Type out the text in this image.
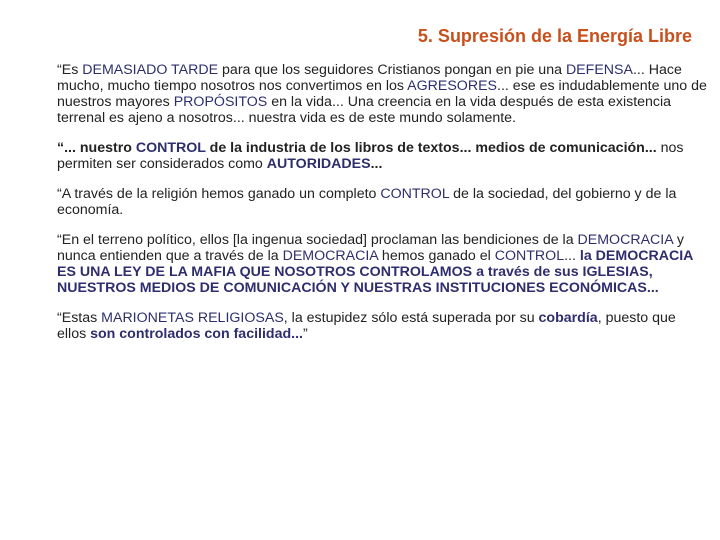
5. Supresión de la Energía Libre

“Es DEMASIADO TARDE para que los seguidores Cristianos pongan en pie una DEFENSA... Hace mucho, mucho tiempo nosotros nos convertimos en los AGRESORES... ese es indudablemente uno de nuestros mayores PROPÓSITOS en la vida... Una creencia en la vida después de esta existencia terrenal es ajeno a nosotros... nuestra vida es de este mundo solamente.

“... nuestro CONTROL de la industria de los libros de textos... medios de comunicación... nos permiten ser considerados como AUTORIDADES...

“A través de la religión hemos ganado un completo CONTROL de la sociedad, del gobierno y de la economía.

“En el terreno político, ellos [la ingenua sociedad] proclaman las bendiciones de la DEMOCRACIA y nunca entienden que a través de la DEMOCRACIA hemos ganado el CONTROL... la DEMOCRACIA ES UNA LEY DE LA MAFIA QUE NOSOTROS CONTROLAMOS a través de sus IGLESIAS, NUESTROS MEDIOS DE COMUNICACIÓN Y NUESTRAS INSTITUCIONES ECONÓMICAS...

“Estas MARIONETAS RELIGIOSAS, la estupidez sólo está superada por su cobardía, puesto que ellos son controlados con facilidad...”
